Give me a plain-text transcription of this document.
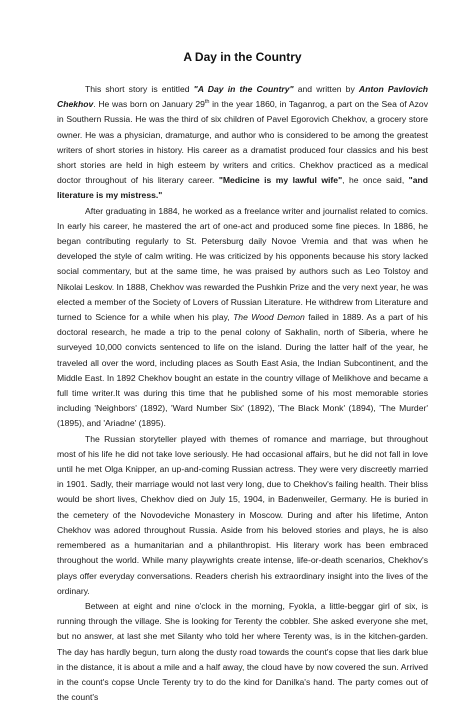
A Day in the Country

This short story is entitled "A Day in the Country" and written by Anton Pavlovich Chekhov. He was born on January 29th in the year 1860, in Taganrog, a part on the Sea of Azov in Southern Russia. He was the third of six children of Pavel Egorovich Chekhov, a grocery store owner. He was a physician, dramaturge, and author who is considered to be among the greatest writers of short stories in history. His career as a dramatist produced four classics and his best short stories are held in high esteem by writers and critics. Chekhov practiced as a medical doctor throughout of his literary career. "Medicine is my lawful wife", he once said, "and literature is my mistress."

After graduating in 1884, he worked as a freelance writer and journalist related to comics. In early his career, he mastered the art of one-act and produced some fine pieces. In 1886, he began contributing regularly to St. Petersburg daily Novoe Vremia and that was when he developed the style of calm writing. He was criticized by his opponents because his story lacked social commentary, but at the same time, he was praised by authors such as Leo Tolstoy and Nikolai Leskov. In 1888, Chekhov was rewarded the Pushkin Prize and the very next year, he was elected a member of the Society of Lovers of Russian Literature. He withdrew from Literature and turned to Science for a while when his play, The Wood Demon failed in 1889. As a part of his doctoral research, he made a trip to the penal colony of Sakhalin, north of Siberia, where he surveyed 10,000 convicts sentenced to life on the island. During the latter half of the year, he traveled all over the word, including places as South East Asia, the Indian Subcontinent, and the Middle East. In 1892 Chekhov bought an estate in the country village of Melikhove and became a full time writer.It was during this time that he published some of his most memorable stories including 'Neighbors' (1892), 'Ward Number Six' (1892), 'The Black Monk' (1894), 'The Murder' (1895), and 'Ariadne' (1895).

The Russian storyteller played with themes of romance and marriage, but throughout most of his life he did not take love seriously. He had occasional affairs, but he did not fall in love until he met Olga Knipper, an up-and-coming Russian actress. They were very discreetly married in 1901. Sadly, their marriage would not last very long, due to Chekhov's failing health. Their bliss would be short lives, Chekhov died on July 15, 1904, in Badenweiler, Germany. He is buried in the cemetery of the Novodeviche Monastery in Moscow. During and after his lifetime, Anton Chekhov was adored throughout Russia. Aside from his beloved stories and plays, he is also remembered as a humanitarian and a philanthropist. His literary work has been embraced throughout the world. While many playwrights create intense, life-or-death scenarios, Chekhov's plays offer everyday conversations. Readers cherish his extraordinary insight into the lives of the ordinary.

Between at eight and nine o'clock in the morning, Fyokla, a little-beggar girl of six, is running through the village. She is looking for Terenty the cobbler. She asked everyone she met, but no answer, at last she met Silanty who told her where Terenty was, is in the kitchen-garden. The day has hardly begun, turn along the dusty road towards the count's copse that lies dark blue in the distance, it is about a mile and a half away, the cloud have by now covered the sun. Arrived in the count's copse Uncle Terenty try to do the kind for Danilka's hand. The party comes out of the count's
